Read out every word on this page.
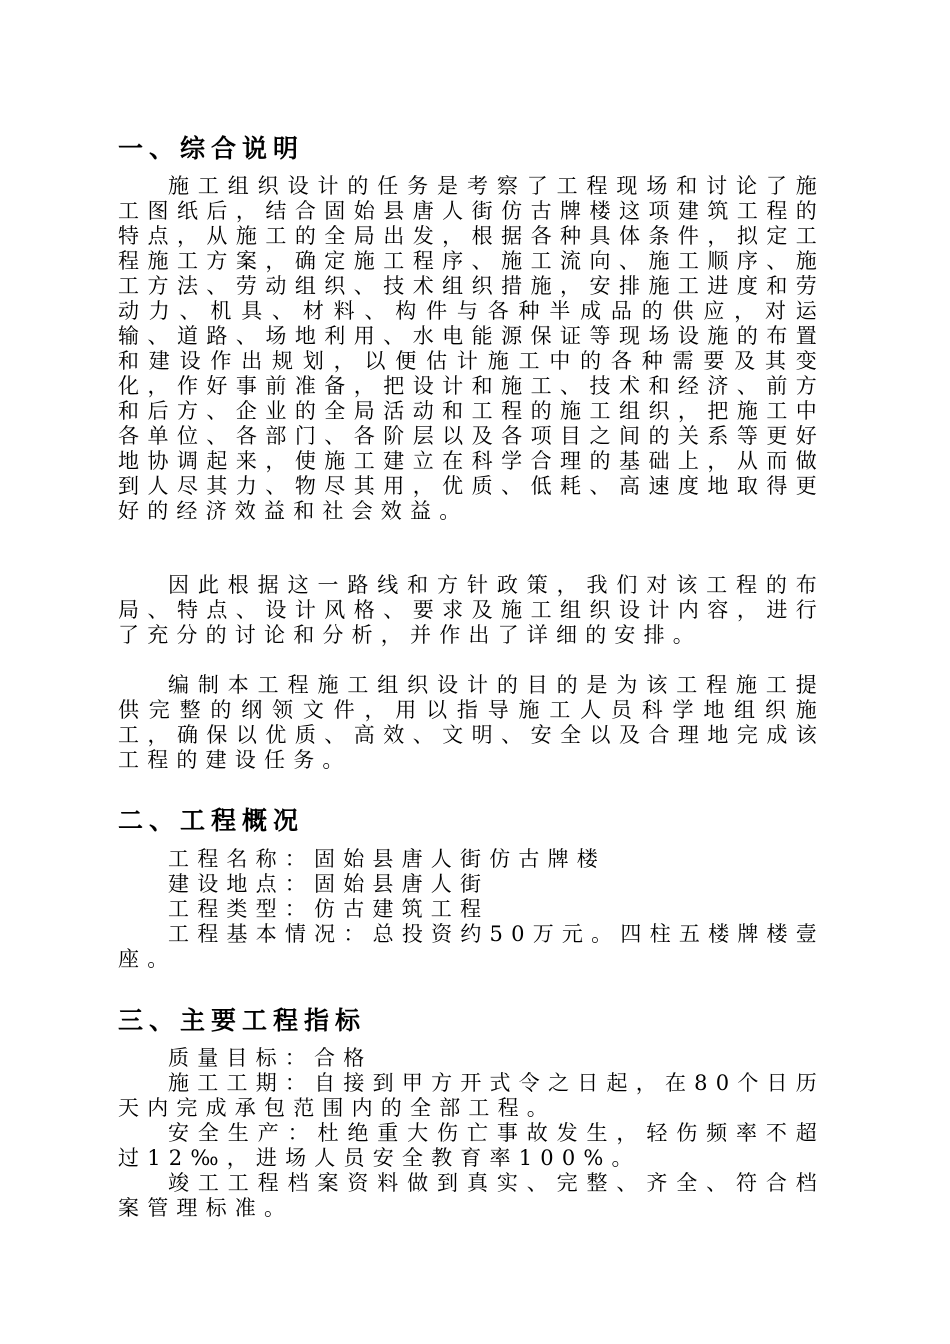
一、综合说明

施工组织设计的任务是考察了工程现场和讨论了施工图纸后，结合固始县唐人街仿古牌楼这项建筑工程的特点，从施工的全局出发，根据各种具体条件，拟定工程施工方案，确定施工程序、施工流向、施工顺序、施工方法、劳动组织、技术组织措施，安排施工进度和劳动力、机具、材料、构件与各种半成品的供应，对运输、道路、场地利用、水电能源保证等现场设施的布置和建设作出规划，以便估计施工中的各种需要及其变化，作好事前准备，把设计和施工、技术和经济、前方和后方、企业的全局活动和工程的施工组织，把施工中各单位、各部门、各阶层以及各项目之间的关系等更好地协调起来，使施工建立在科学合理的基础上，从而做到人尽其力、物尽其用，优质、低耗、高速度地取得更好的经济效益和社会效益。

因此根据这一路线和方针政策，我们对该工程的布局、特点、设计风格、要求及施工组织设计内容，进行了充分的讨论和分析，并作出了详细的安排。

编制本工程施工组织设计的目的是为该工程施工提供完整的纲领文件，用以指导施工人员科学地组织施工，确保以优质、高效、文明、安全以及合理地完成该工程的建设任务。

二、工程概况

工程名称：固始县唐人街仿古牌楼

建设地点：固始县唐人街

工程类型：仿古建筑工程

工程基本情况：总投资约50万元。四柱五楼牌楼壹座。

三、主要工程指标

质量目标：合格

施工工期：自接到甲方开式令之日起，在80个日历天内完成承包范围内的全部工程。

安全生产：杜绝重大伤亡事故发生，轻伤频率不超过12‰，进场人员安全教育率100%。

竣工工程档案资料做到真实、完整、齐全、符合档案管理标准。
